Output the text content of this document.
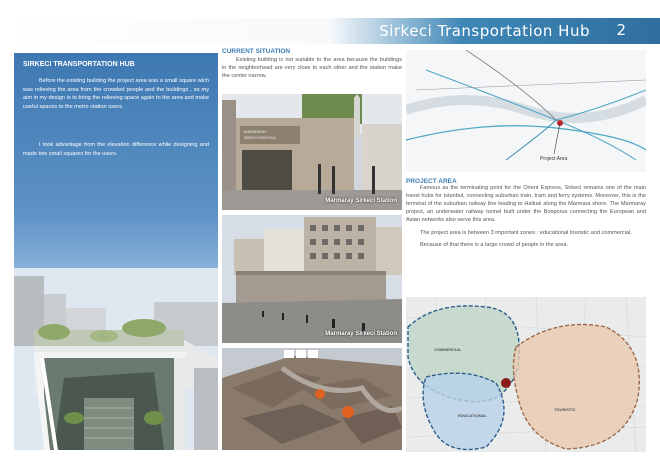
Sirkeci Transportation Hub 2
SIRKECI TRANSPORTATION HUB
Before the existing building the project area was a small square wich was relieving the area from the crowded people and the buildings , so my aim in my design is to bring the relieving space again to the area and make useful spaces to the metro station users.
I took advantage from the elevation difference while designing and made two small squares for the users.
CURRENT SITUATION
Existing building is not suitable to the area because the buildings in the neighborhead are very close to each other and the station make the center narrow.
MARMARAY
SİRKECİ İSTASYONU
Marmaray Sirkeci Station
Marmaray Sirkeci Station
Project Area
PROJECT AREA
Famous as the terminating point for the Orient Express, Sirkeci remains one of the main travel hubs for Istanbul, connecting suburban train, tram and ferry systems. Moreover, this is the terminal of the suburban railway line leading to Halkalı along the Marmara shore. The Marmaray project, an underwater railway tunnel built under the Bosporus connecting the European and Asian networks also serve this area.
The project area is between 3 important zones : educational touristic and commercial,
Because of that there is a large crowd of people in the area.
COMMERCIAL
EDUCATIONAL
TOURISTIC
